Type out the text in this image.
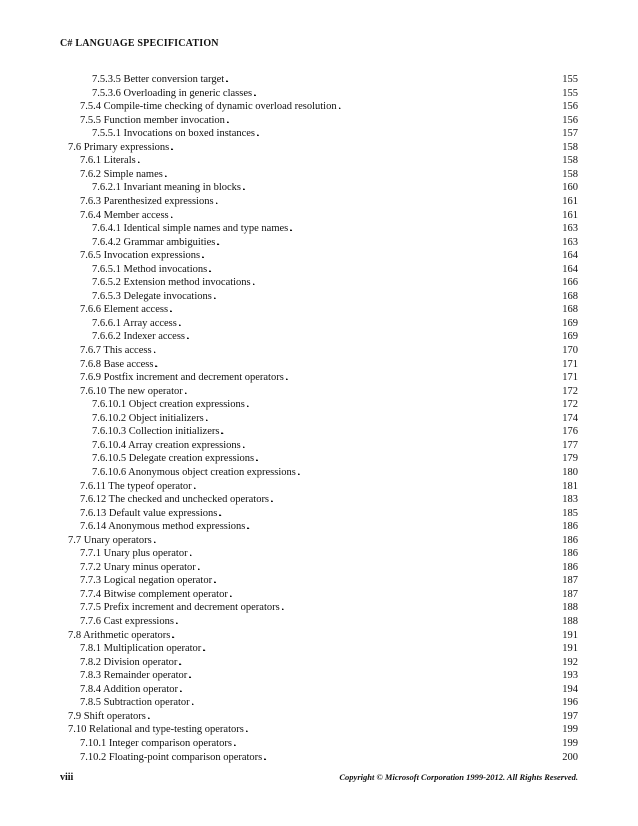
C# LANGUAGE SPECIFICATION
7.5.3.5 Better conversion target . . .	155
7.5.3.6 Overloading in generic classes . . .	155
7.5.4 Compile-time checking of dynamic overload resolution . . .	156
7.5.5 Function member invocation . . .	156
7.5.5.1 Invocations on boxed instances . . .	157
7.6 Primary expressions . . .	158
7.6.1 Literals . . .	158
7.6.2 Simple names . . .	158
7.6.2.1 Invariant meaning in blocks . . .	160
7.6.3 Parenthesized expressions . . .	161
7.6.4 Member access . . .	161
7.6.4.1 Identical simple names and type names . . .	163
7.6.4.2 Grammar ambiguities . . .	163
7.6.5 Invocation expressions . . .	164
7.6.5.1 Method invocations . . .	164
7.6.5.2 Extension method invocations . . .	166
7.6.5.3 Delegate invocations . . .	168
7.6.6 Element access . . .	168
7.6.6.1 Array access . . .	169
7.6.6.2 Indexer access . . .	169
7.6.7 This access . . .	170
7.6.8 Base access . . .	171
7.6.9 Postfix increment and decrement operators . . .	171
7.6.10 The new operator . . .	172
7.6.10.1 Object creation expressions . . .	172
7.6.10.2 Object initializers . . .	174
7.6.10.3 Collection initializers . . .	176
7.6.10.4 Array creation expressions . . .	177
7.6.10.5 Delegate creation expressions . . .	179
7.6.10.6 Anonymous object creation expressions . . .	180
7.6.11 The typeof operator . . .	181
7.6.12 The checked and unchecked operators . . .	183
7.6.13 Default value expressions . . .	185
7.6.14 Anonymous method expressions . . .	186
7.7 Unary operators . . .	186
7.7.1 Unary plus operator . . .	186
7.7.2 Unary minus operator . . .	186
7.7.3 Logical negation operator . . .	187
7.7.4 Bitwise complement operator . . .	187
7.7.5 Prefix increment and decrement operators . . .	188
7.7.6 Cast expressions . . .	188
7.8 Arithmetic operators . . .	191
7.8.1 Multiplication operator . . .	191
7.8.2 Division operator . . .	192
7.8.3 Remainder operator . . .	193
7.8.4 Addition operator . . .	194
7.8.5 Subtraction operator . . .	196
7.9 Shift operators . . .	197
7.10 Relational and type-testing operators . . .	199
7.10.1 Integer comparison operators . . .	199
7.10.2 Floating-point comparison operators . . .	200
viii	Copyright © Microsoft Corporation 1999-2012. All Rights Reserved.
